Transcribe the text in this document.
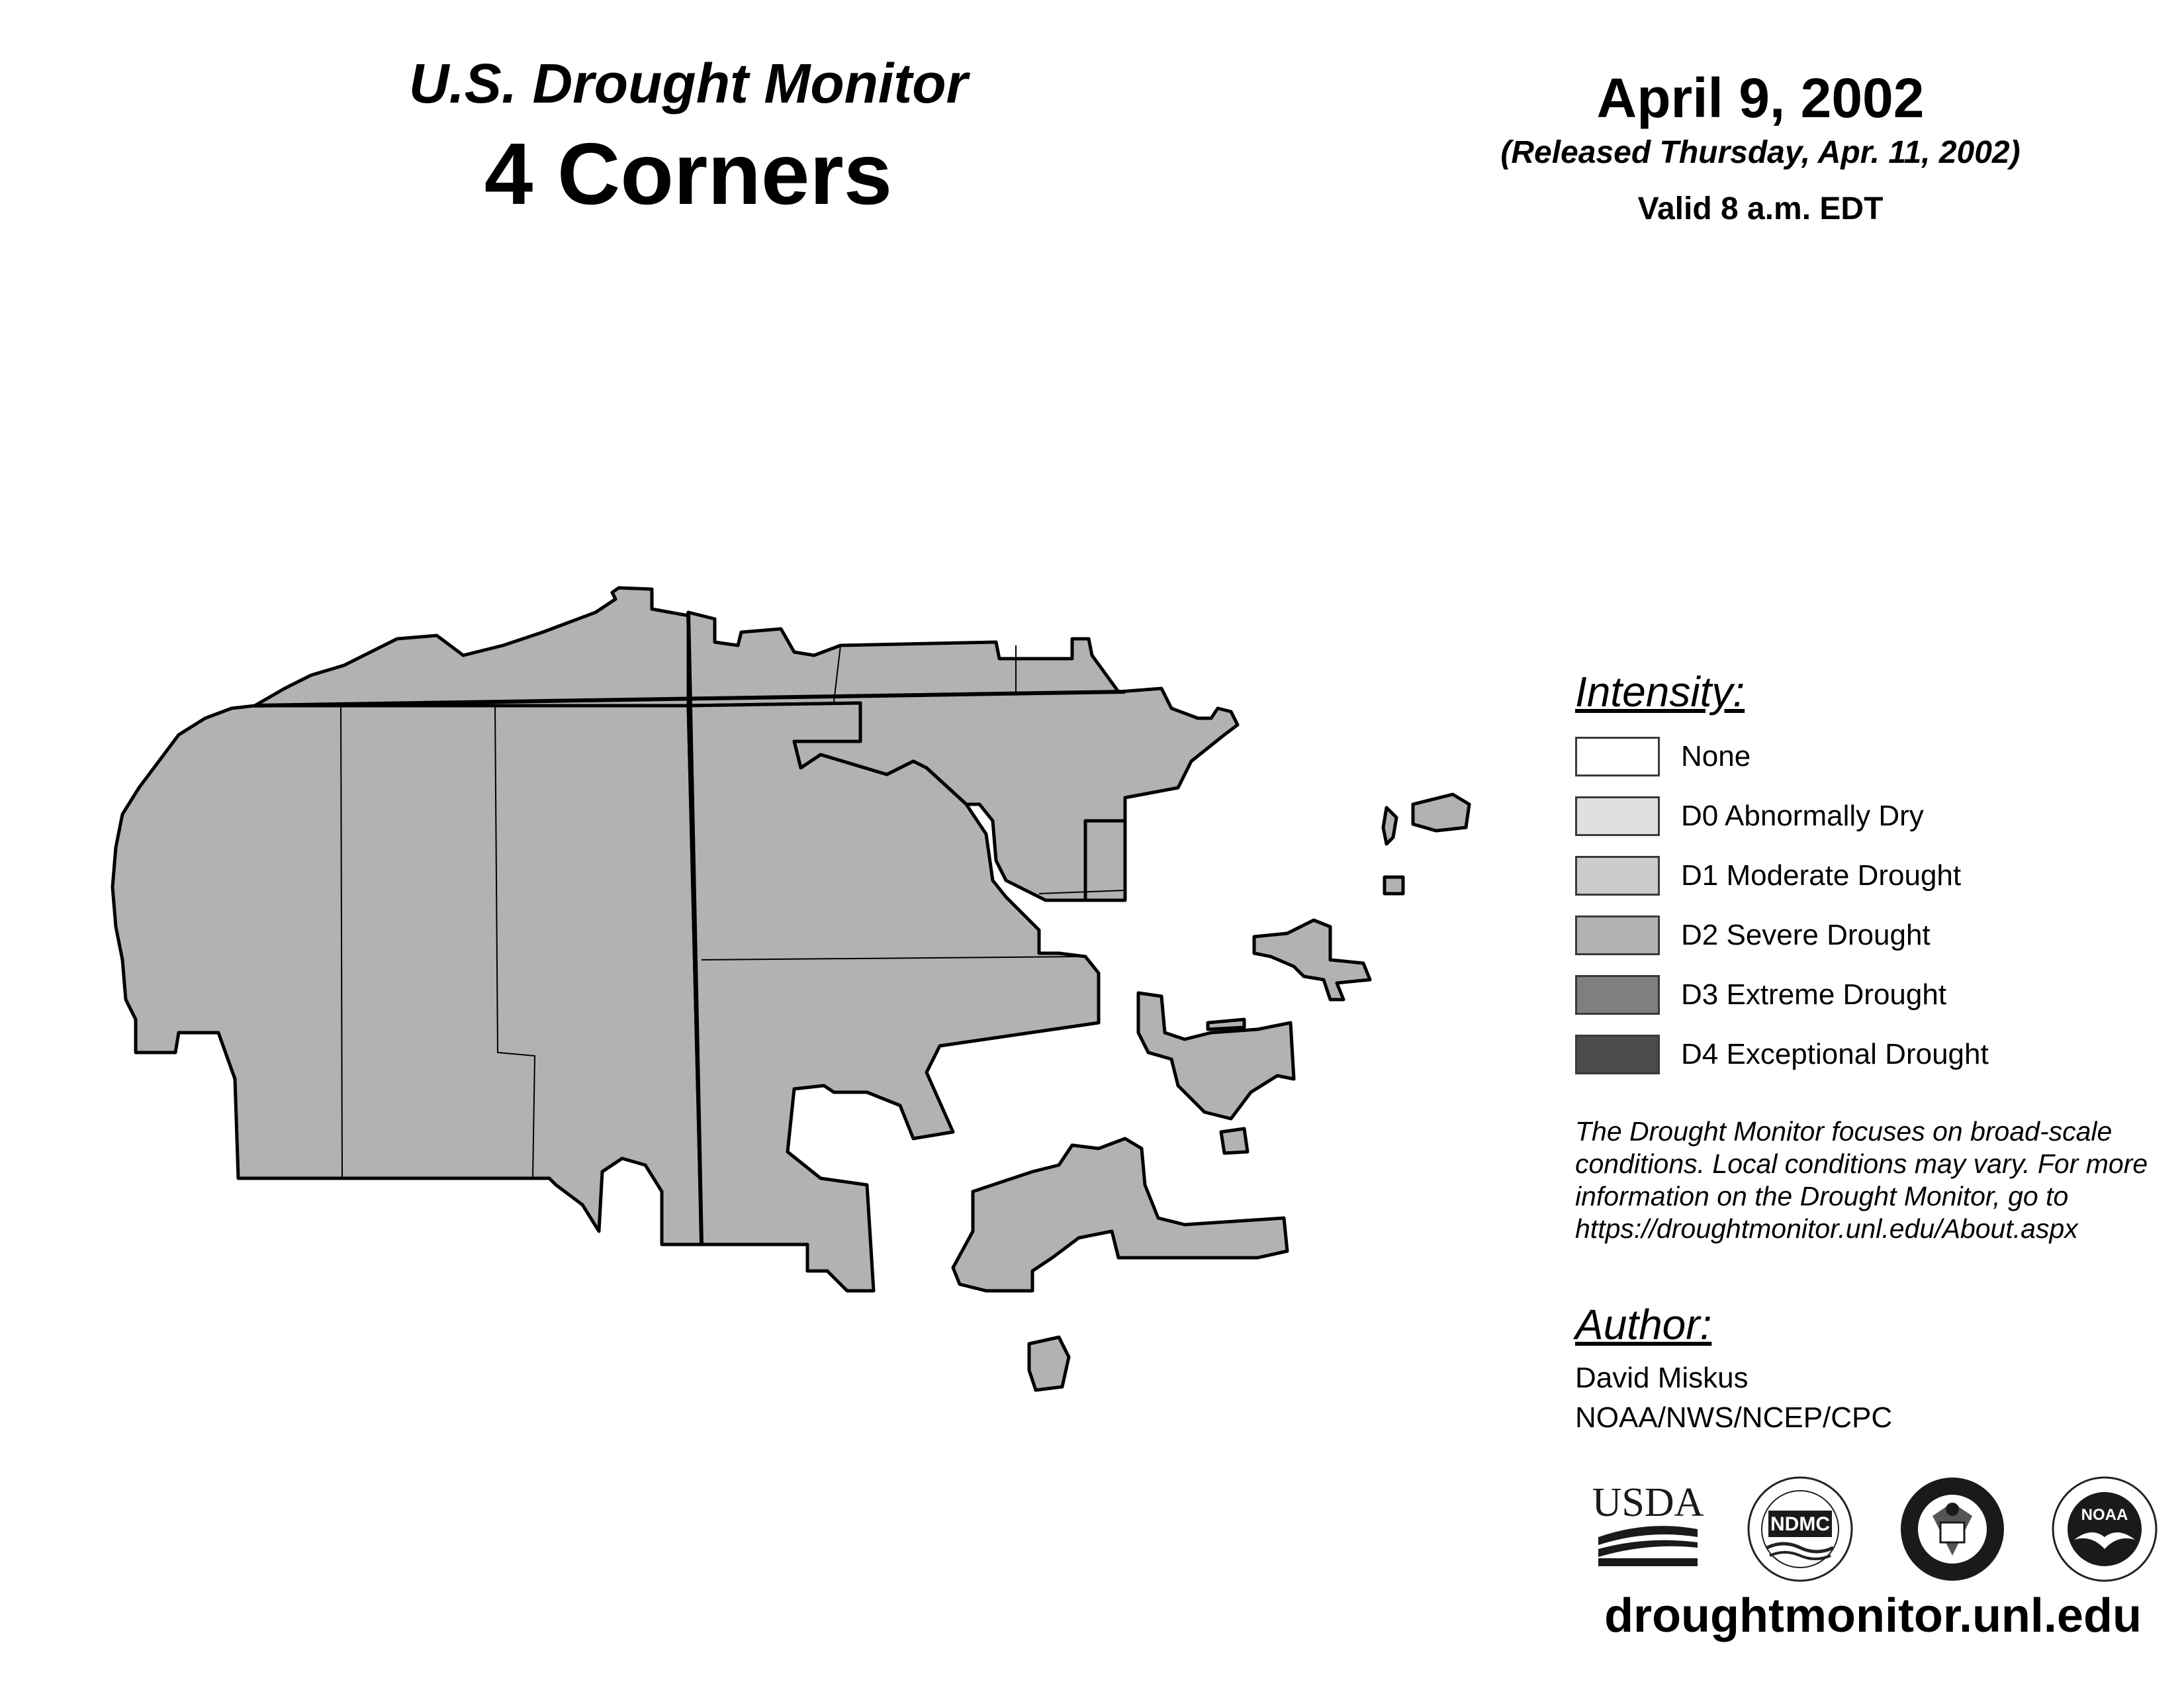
U.S. Drought Monitor
4 Corners
April 9, 2002
(Released Thursday, Apr. 11, 2002)
Valid 8 a.m. EDT
Intensity:
None
D0 Abnormally Dry
D1 Moderate Drought
D2 Severe Drought
D3 Extreme Drought
D4 Exceptional Drought
The Drought Monitor focuses on broad-scale
conditions. Local conditions may vary. For more
information on the Drought Monitor, go to
https://droughtmonitor.unl.edu/About.aspx
Author:
David Miskus
NOAA/NWS/NCEP/CPC
USDA	NDMC	NOAA
droughtmonitor.unl.edu
